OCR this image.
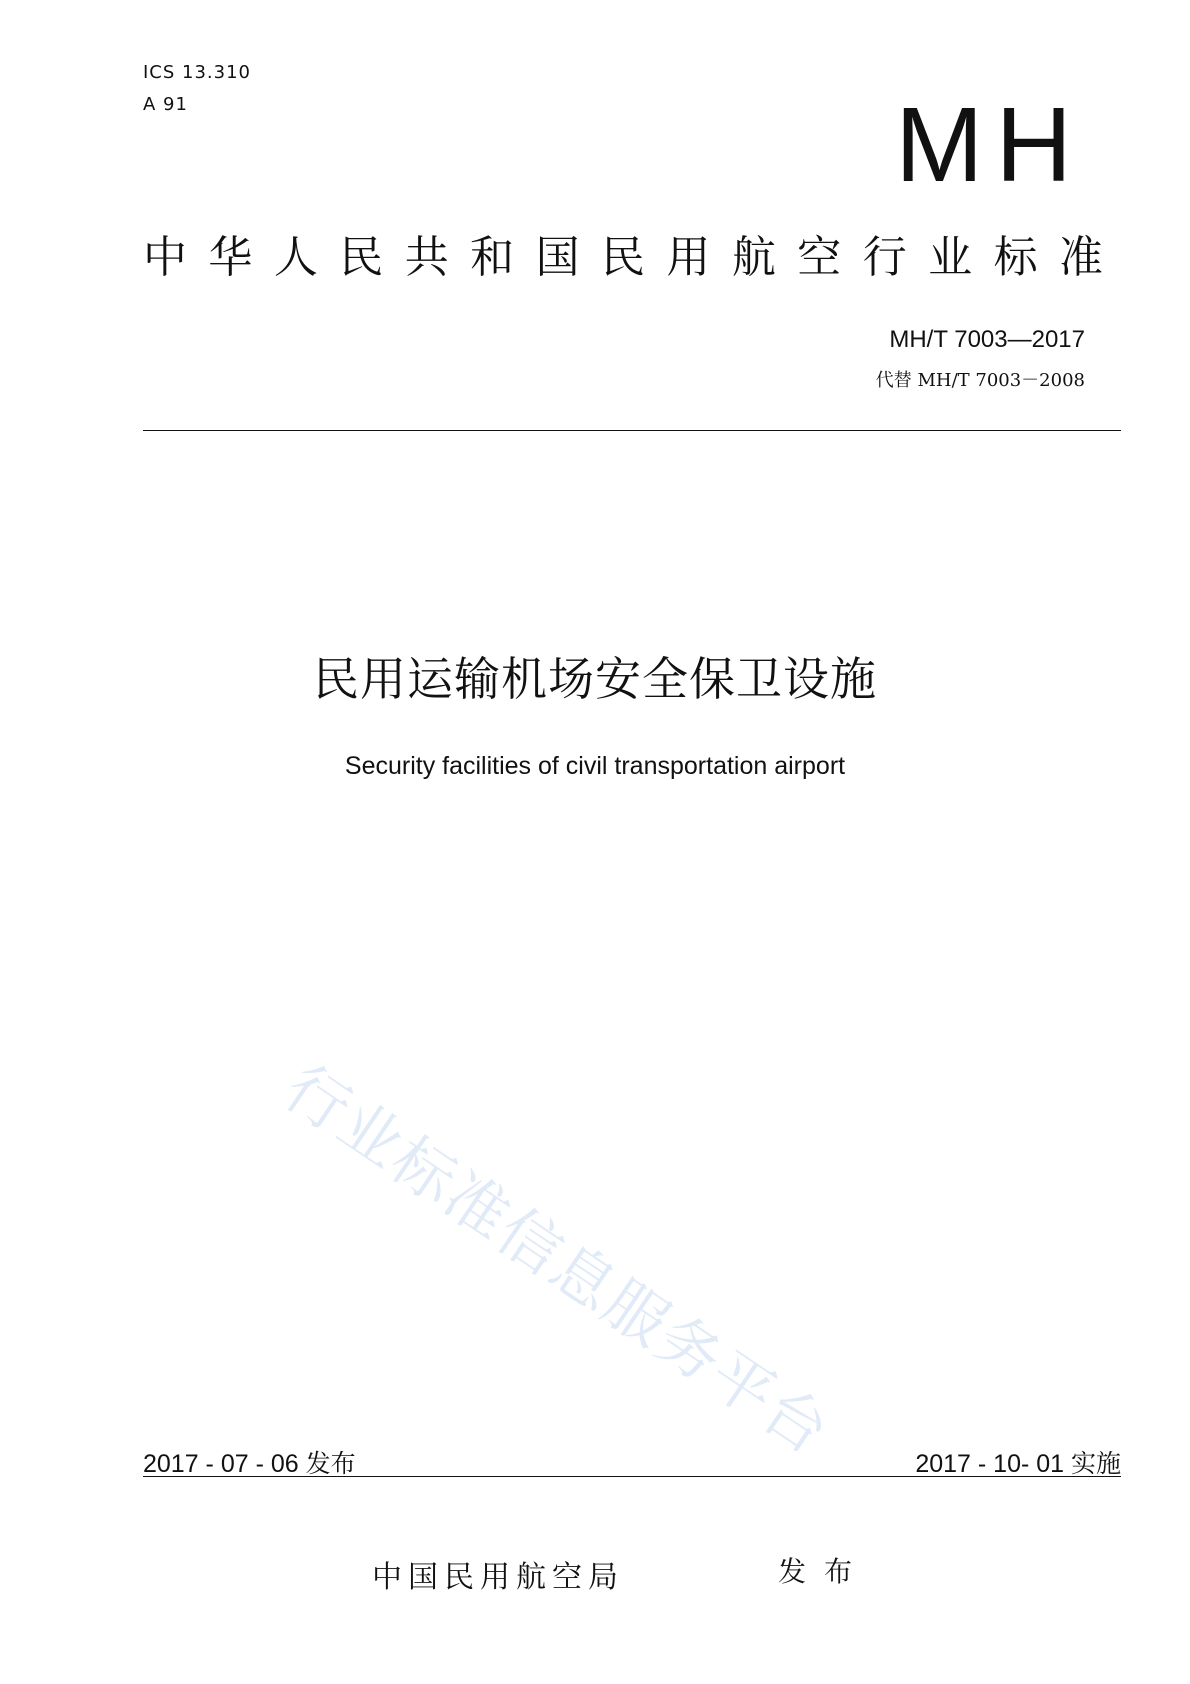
ICS 13.310
A 91	MH
中华人民共和国民用航空行业标准
MH/T 7003—2017
代替 MH/T 7003－2008
民用运输机场安全保卫设施
Security facilities of civil transportation airport
行业标准信息服务平台
2017 - 07 - 06 发布	2017 - 10- 01 实施
中国民用航空局	发布
